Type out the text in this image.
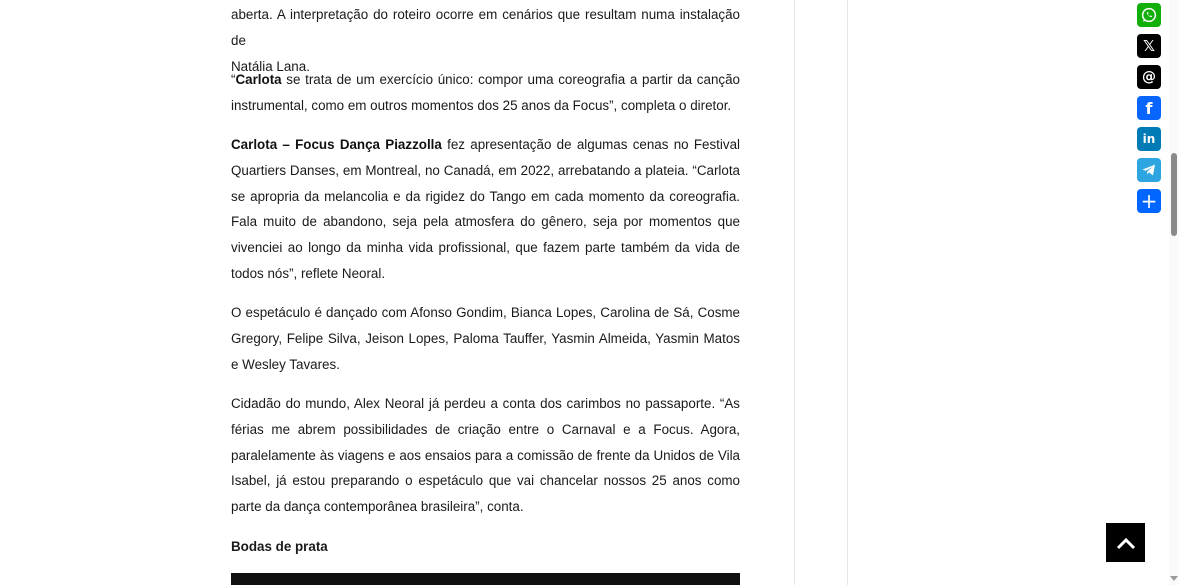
aberta. A interpretação do roteiro ocorre em cenários que resultam numa instalação de
Natália Lana.

“Carlota se trata de um exercício único: compor uma coreografia a partir da canção instrumental, como em outros momentos dos 25 anos da Focus”, completa o diretor.

Carlota – Focus Dança Piazzolla fez apresentação de algumas cenas no Festival Quartiers Danses, em Montreal, no Canadá, em 2022, arrebatando a plateia. “Carlota se apropria da melancolia e da rigidez do Tango em cada momento da coreografia. Fala muito de abandono, seja pela atmosfera do gênero, seja por momentos que vivenciei ao longo da minha vida profissional, que fazem parte também da vida de todos nós”, reflete Neoral.

O espetáculo é dançado com Afonso Gondim, Bianca Lopes, Carolina de Sá, Cosme Gregory, Felipe Silva, Jeison Lopes, Paloma Tauffer, Yasmin Almeida, Yasmin Matos e Wesley Tavares.

Cidadão do mundo, Alex Neoral já perdeu a conta dos carimbos no passaporte. “As férias me abrem possibilidades de criação entre o Carnaval e a Focus. Agora, paralelamente às viagens e aos ensaios para a comissão de frente da Unidos de Vila Isabel, já estou preparando o espetáculo que vai chancelar nossos 25 anos como parte da dança contemporânea brasileira”, conta.

Bodas de prata
𝕏
@
f
in
+
